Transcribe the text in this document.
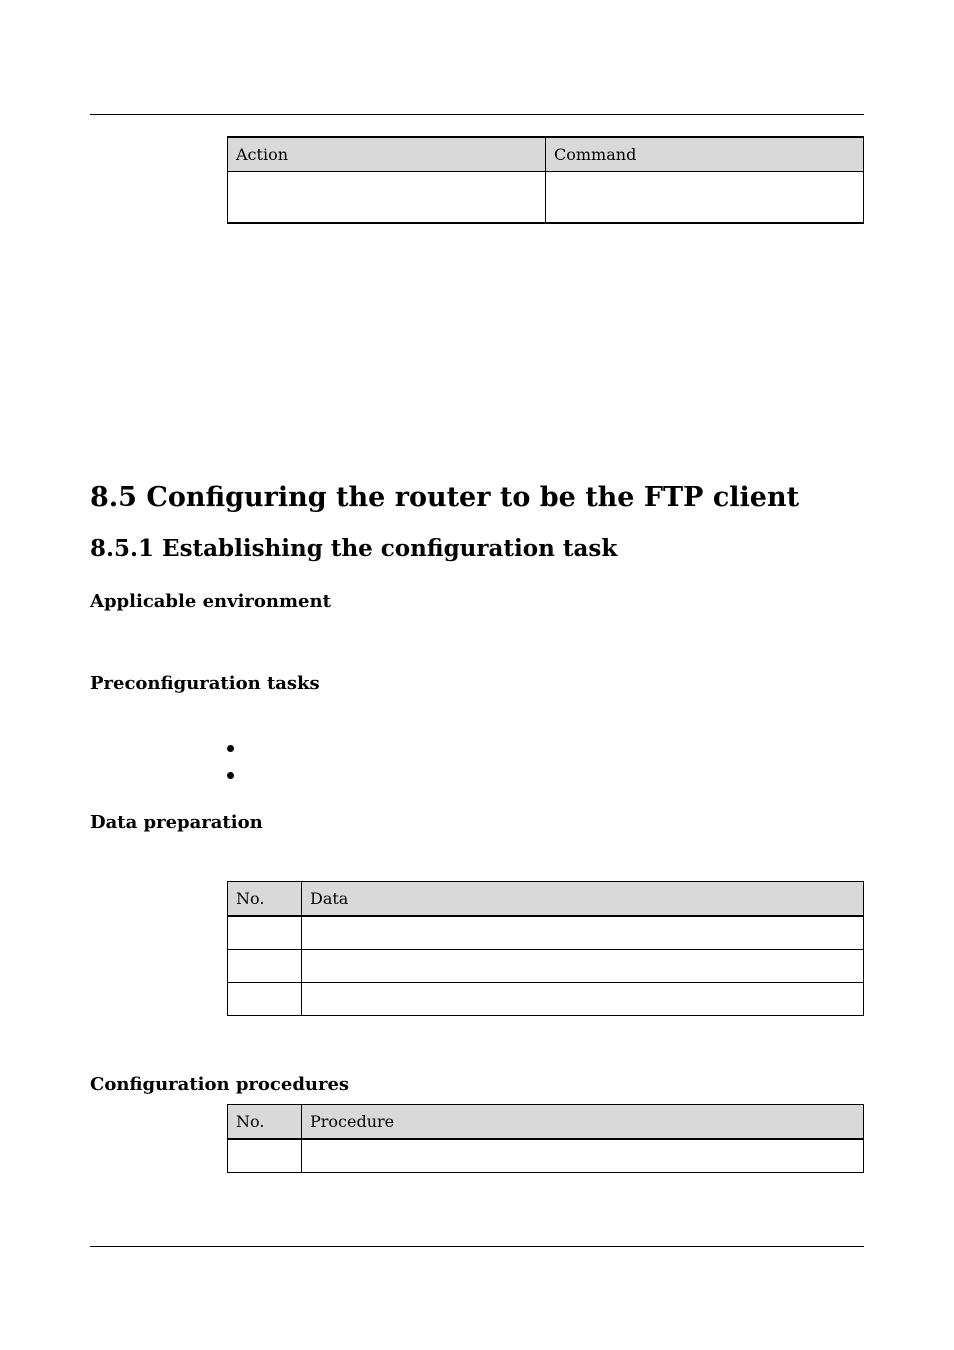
Action	Command

8.5 Configuring the router to be the FTP client
8.5.1 Establishing the configuration task
Applicable environment
Preconfiguration tasks
Data preparation
No.	Data

Configuration procedures
No.	Procedure
